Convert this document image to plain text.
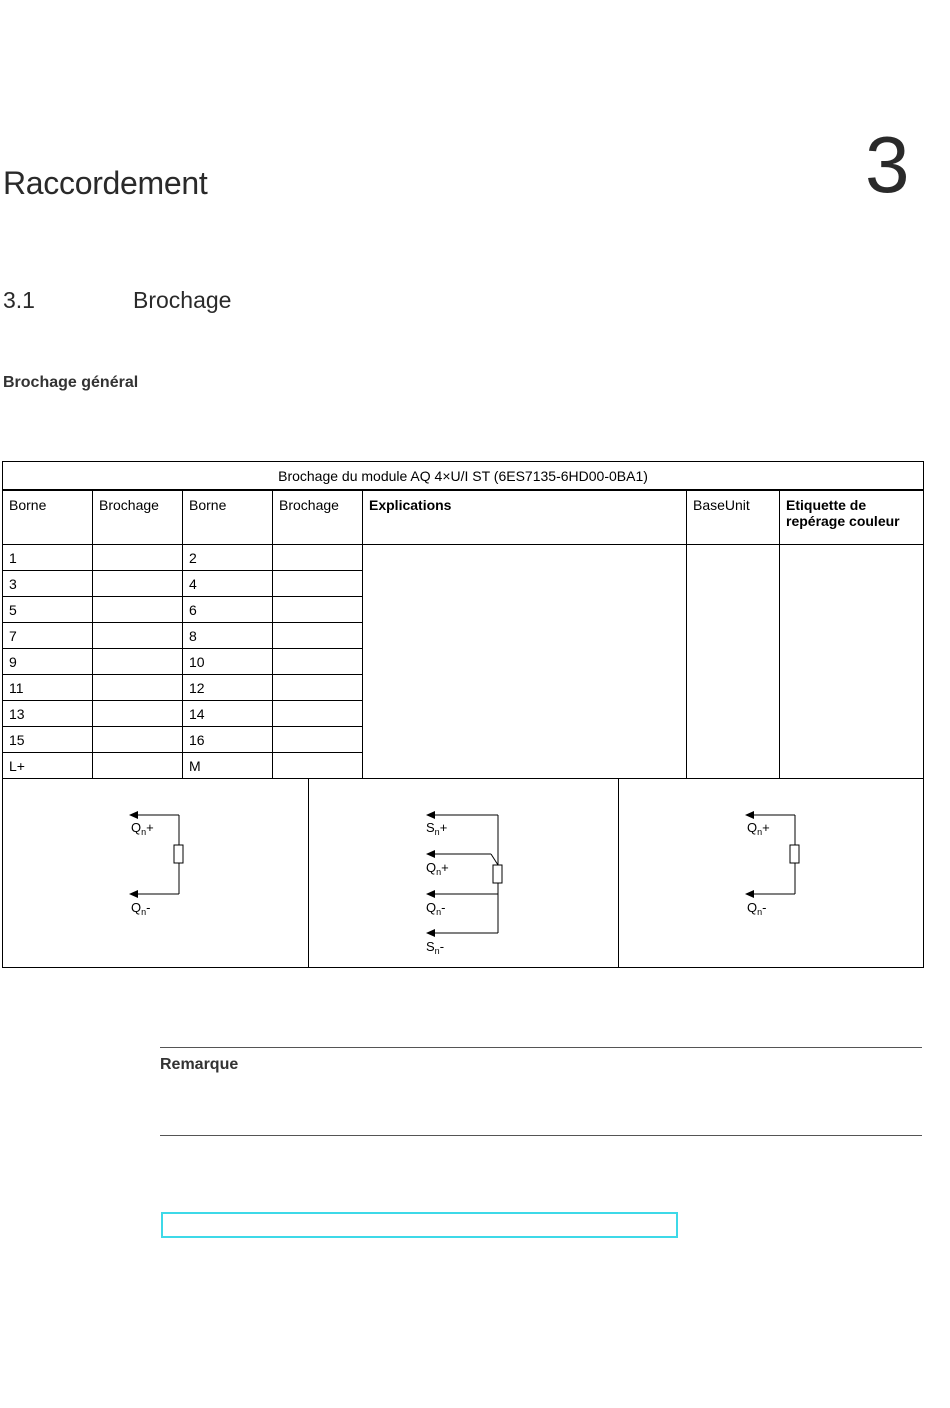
Raccordement	3
3.1	Brochage
Brochage général
Brochage du module AQ 4×U/I ST (6ES7135-6HD00-0BA1)
Borne	Brochage	Borne	Brochage	Explications	BaseUnit	Etiquette de repérage couleur
1		2				
3		4	
5		6	
7		8	
9		10	
11		12	
13		14	
15		16	
L+		M	

$Q_n+$
$Q_n-$

$S_n+$
$Q_n+$
$Q_n-$
$S_n-$

$Q_n+$
$Q_n-$
Remarque
